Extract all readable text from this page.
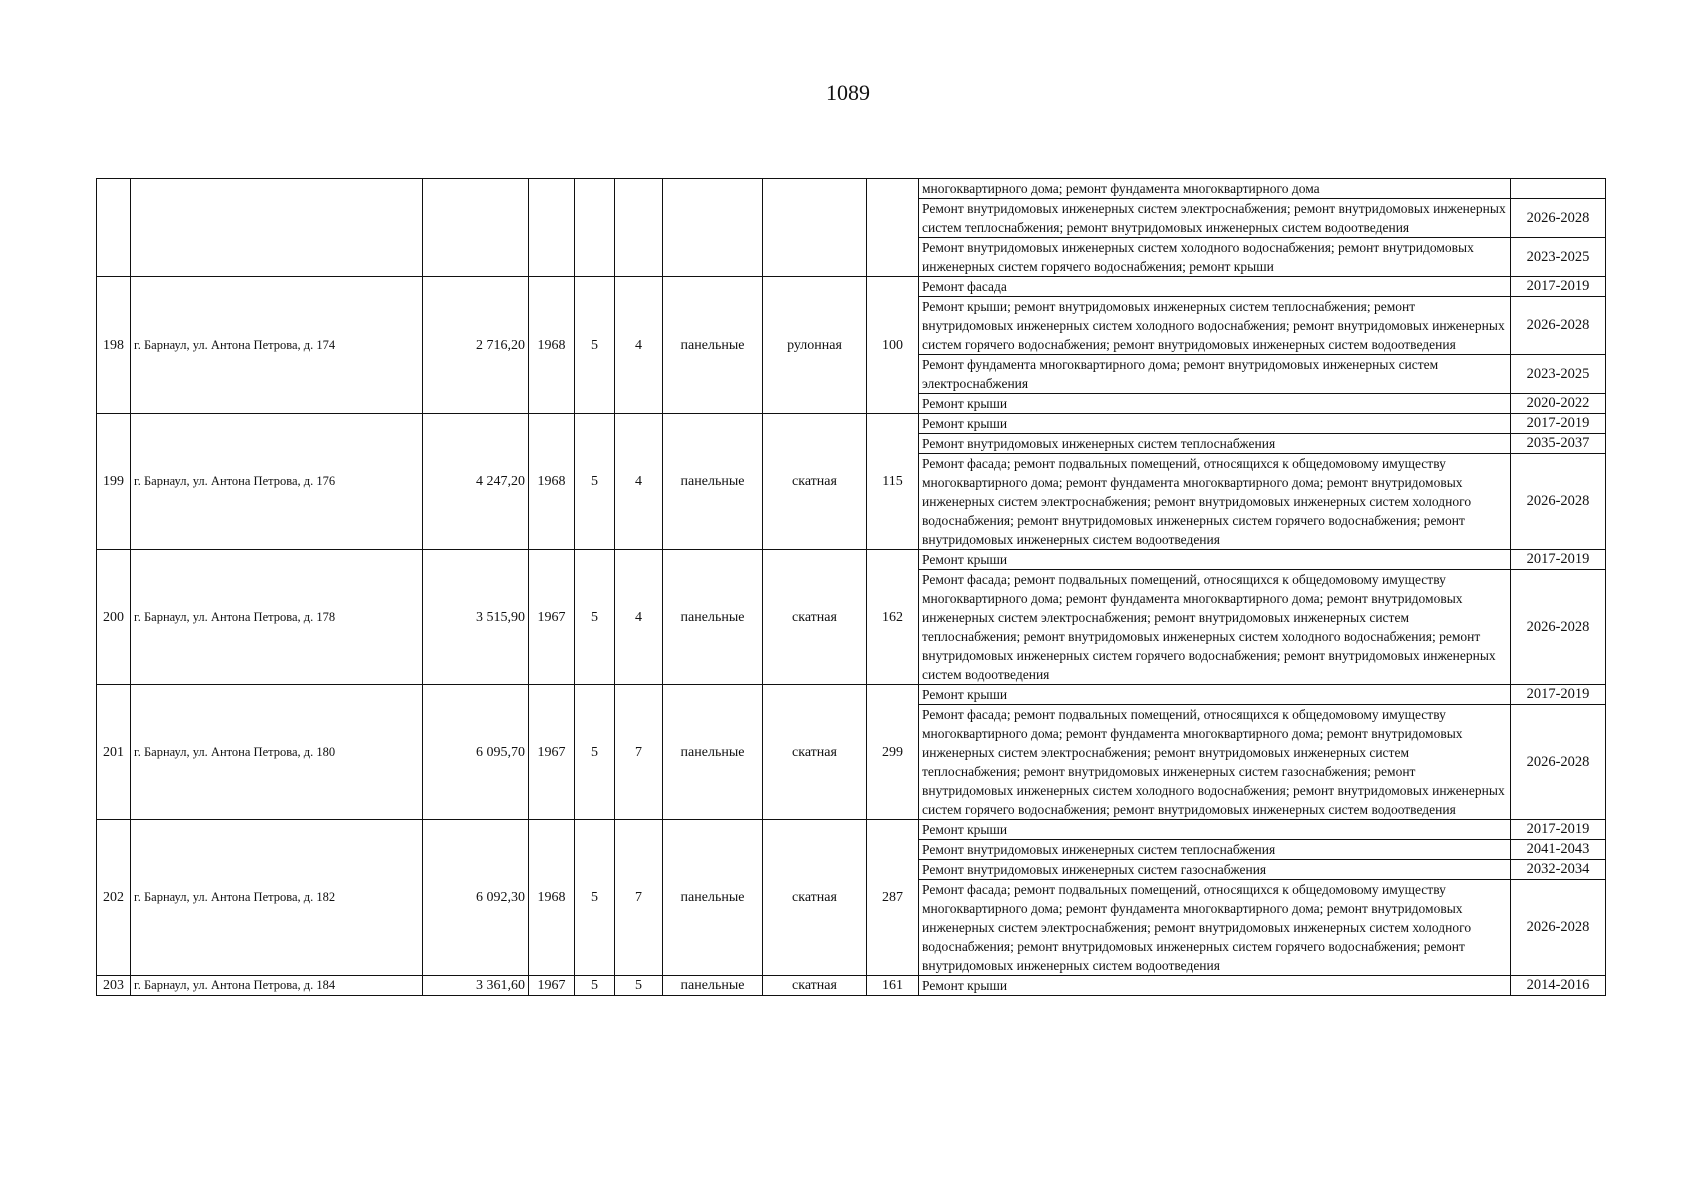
1089
									многоквартирного дома; ремонт фундамента многоквартирного дома	
									Ремонт внутридомовых инженерных систем электроснабжения; ремонт внутридомовых инженерных систем теплоснабжения; ремонт внутридомовых инженерных систем водоотведения	2026-2028
									Ремонт внутридомовых инженерных систем холодного водоснабжения; ремонт внутридомовых инженерных систем горячего водоснабжения; ремонт крыши	2023-2025
198	г. Барнаул, ул. Антона Петрова, д. 174	2 716,20	1968	5	4	панельные	рулонная	100	Ремонт фасада	2017-2019
									Ремонт крыши; ремонт внутридомовых инженерных систем теплоснабжения; ремонт внутридомовых инженерных систем холодного водоснабжения; ремонт внутридомовых инженерных систем горячего водоснабжения; ремонт внутридомовых инженерных систем водоотведения	2026-2028
									Ремонт фундамента многоквартирного дома; ремонт внутридомовых инженерных систем электроснабжения	2023-2025
									Ремонт крыши	2020-2022
199	г. Барнаул, ул. Антона Петрова, д. 176	4 247,20	1968	5	4	панельные	скатная	115	Ремонт крыши	2017-2019
									Ремонт внутридомовых инженерных систем теплоснабжения	2035-2037
									Ремонт фасада; ремонт подвальных помещений, относящихся к общедомовому имуществу многоквартирного дома; ремонт фундамента многоквартирного дома; ремонт внутридомовых инженерных систем электроснабжения; ремонт внутридомовых инженерных систем холодного водоснабжения; ремонт внутридомовых инженерных систем горячего водоснабжения; ремонт внутридомовых инженерных систем водоотведения	2026-2028
200	г. Барнаул, ул. Антона Петрова, д. 178	3 515,90	1967	5	4	панельные	скатная	162	Ремонт крыши	2017-2019
									Ремонт фасада; ремонт подвальных помещений, относящихся к общедомовому имуществу многоквартирного дома; ремонт фундамента многоквартирного дома; ремонт внутридомовых инженерных систем электроснабжения; ремонт внутридомовых инженерных систем теплоснабжения; ремонт внутридомовых инженерных систем холодного водоснабжения; ремонт внутридомовых инженерных систем горячего водоснабжения; ремонт внутридомовых инженерных систем водоотведения	2026-2028
201	г. Барнаул, ул. Антона Петрова, д. 180	6 095,70	1967	5	7	панельные	скатная	299	Ремонт крыши	2017-2019
									Ремонт фасада; ремонт подвальных помещений, относящихся к общедомовому имуществу многоквартирного дома; ремонт фундамента многоквартирного дома; ремонт внутридомовых инженерных систем электроснабжения; ремонт внутридомовых инженерных систем теплоснабжения; ремонт внутридомовых инженерных систем газоснабжения; ремонт внутридомовых инженерных систем холодного водоснабжения; ремонт внутридомовых инженерных систем горячего водоснабжения; ремонт внутридомовых инженерных систем водоотведения	2026-2028
202	г. Барнаул, ул. Антона Петрова, д. 182	6 092,30	1968	5	7	панельные	скатная	287	Ремонт крыши	2017-2019
									Ремонт внутридомовых инженерных систем теплоснабжения	2041-2043
									Ремонт внутридомовых инженерных систем газоснабжения	2032-2034
									Ремонт фасада; ремонт подвальных помещений, относящихся к общедомовому имуществу многоквартирного дома; ремонт фундамента многоквартирного дома; ремонт внутридомовых инженерных систем электроснабжения; ремонт внутридомовых инженерных систем холодного водоснабжения; ремонт внутридомовых инженерных систем горячего водоснабжения; ремонт внутридомовых инженерных систем водоотведения	2026-2028
203	г. Барнаул, ул. Антона Петрова, д. 184	3 361,60	1967	5	5	панельные	скатная	161	Ремонт крыши	2014-2016
